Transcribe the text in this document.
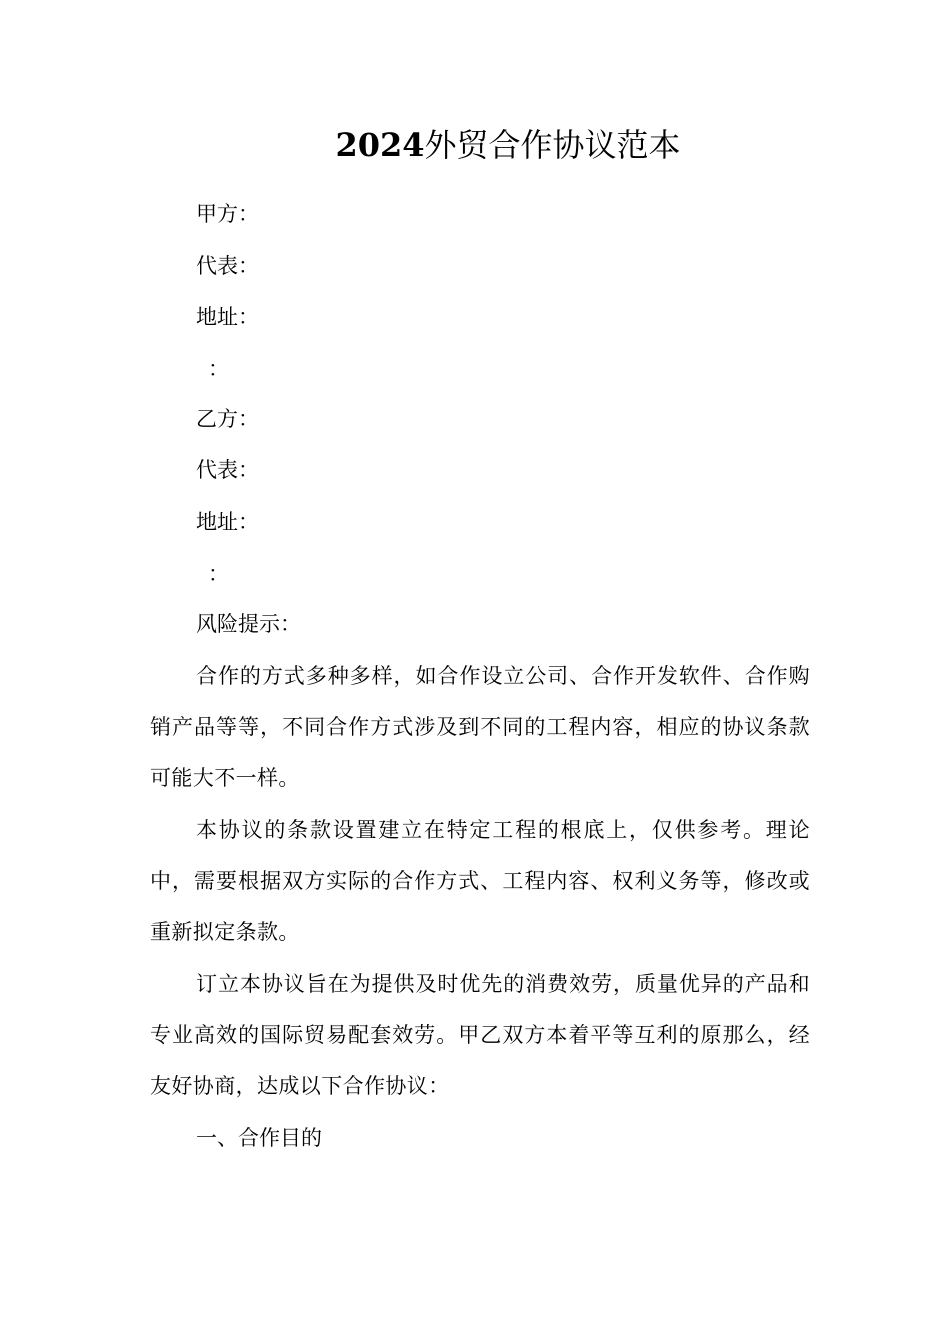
2024外贸合作协议范本
甲方：
代表：
地址：
：
乙方：
代表：
地址：
：
风险提示：
合作的方式多种多样，如合作设立公司、合作开发软件、合作购销产品等等，不同合作方式涉及到不同的工程内容，相应的协议条款可能大不一样。
本协议的条款设置建立在特定工程的根底上，仅供参考。理论中，需要根据双方实际的合作方式、工程内容、权利义务等，修改或重新拟定条款。
订立本协议旨在为提供及时优先的消费效劳，质量优异的产品和专业高效的国际贸易配套效劳。甲乙双方本着平等互利的原那么，经友好协商，达成以下合作协议：
一、合作目的
